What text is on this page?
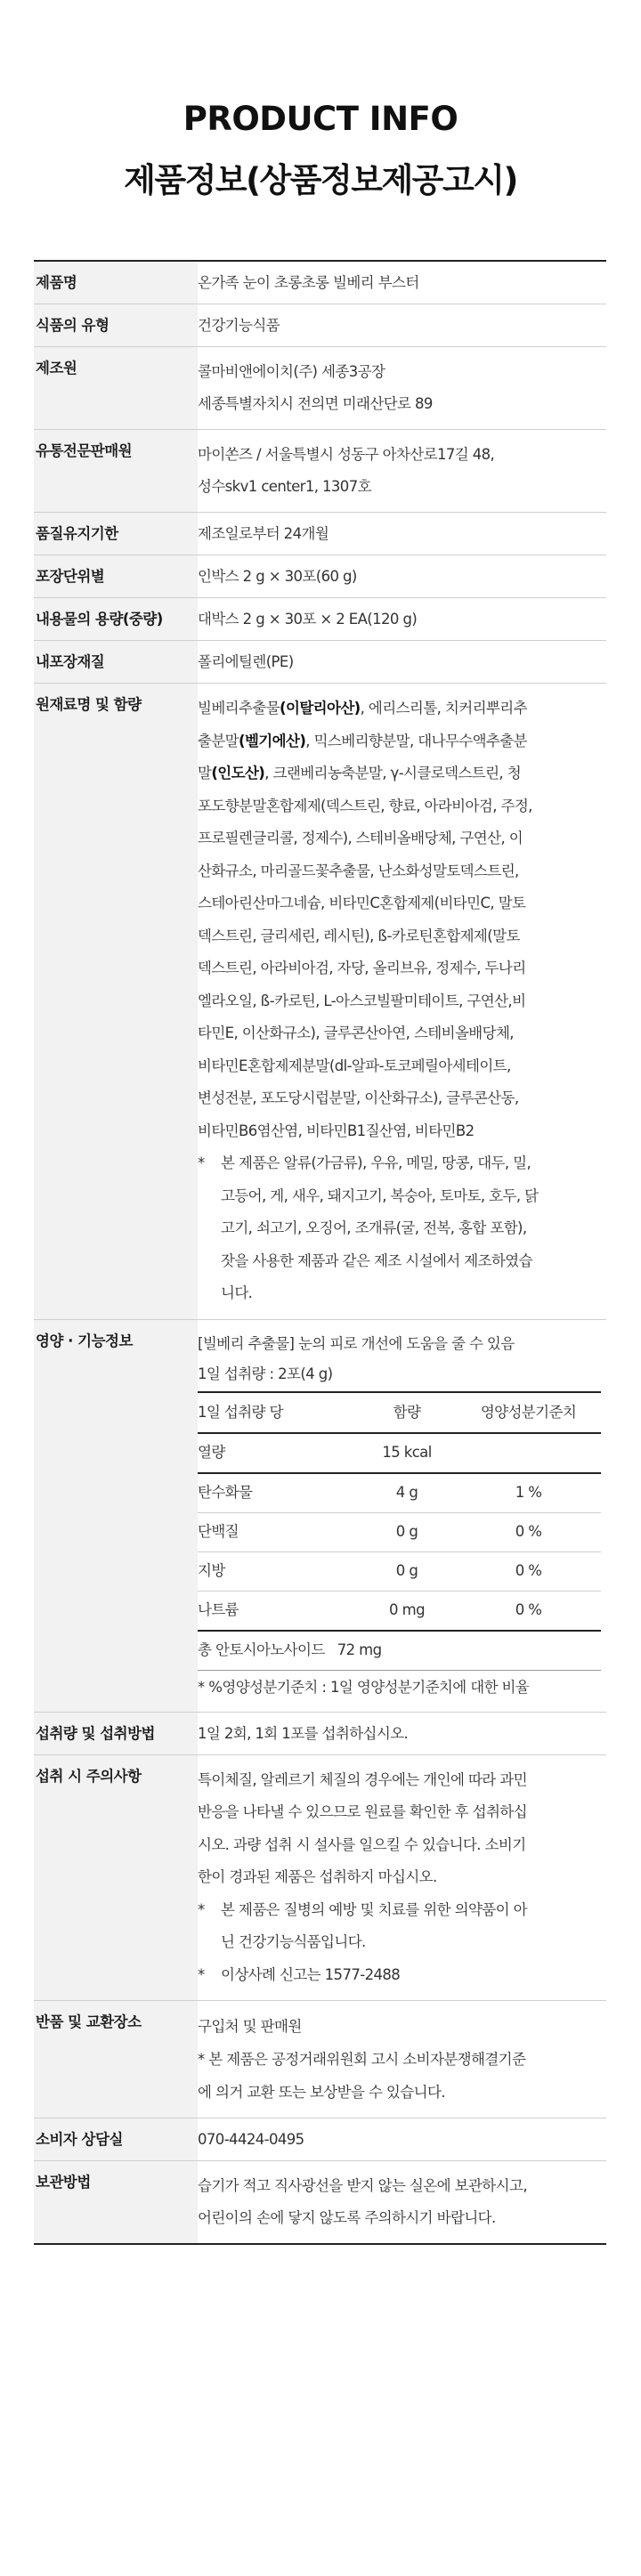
PRODUCT INFO
제품정보(상품정보제공고시)
제품명	온가족 눈이 초롱초롱 빌베리 부스터
식품의 유형	건강기능식품
제조원	콜마비앤에이치(주) 세종3공장
세종특별자치시 전의면 미래산단로 89
유통전문판매원	마이쏜즈 / 서울특별시 성동구 아차산로17길 48,
성수skv1 center1, 1307호
품질유지기한	제조일로부터 24개월
포장단위별	인박스 2 g × 30포(60 g)
내용물의 용량(중량)	대박스 2 g × 30포 × 2 EA(120 g)
내포장재질	폴리에틸렌(PE)
원재료명 및 함량	빌베리추출물(이탈리아산), 에리스리톨, 치커리뿌리추
출분말(벨기에산), 믹스베리향분말, 대나무수액추출분
말(인도산), 크랜베리농축분말, γ-시클로덱스트린, 청
포도향분말혼합제제(덱스트린, 향료, 아라비아검, 주정,
프로필렌글리콜, 정제수), 스테비올배당체, 구연산, 이
산화규소, 마리골드꽃추출물, 난소화성말토덱스트린,
스테아린산마그네슘, 비타민C혼합제제(비타민C, 말토
덱스트린, 글리세린, 레시틴), ß-카로틴혼합제제(말토
덱스트린, 아라비아검, 자당, 올리브유, 정제수, 두나리
엘라오일, ß-카로틴, L-아스코빌팔미테이트, 구연산,비
타민E, 이산화규소), 글루콘산아연, 스테비올배당체,
비타민E혼합제제분말(dl-알파-토코페릴아세테이트,
변성전분, 포도당시럽분말, 이산화규소), 글루콘산동,
비타민B6염산염, 비타민B1질산염, 비타민B2
*	본 제품은 알류(가금류), 우유, 메밀, 땅콩, 대두, 밀,
고등어, 게, 새우, 돼지고기, 복숭아, 토마토, 호두, 닭
고기, 쇠고기, 오징어, 조개류(굴, 전복, 홍합 포함),
잣을 사용한 제품과 같은 제조 시설에서 제조하였습
니다.
영양 · 기능정보	[빌베리 추출물] 눈의 피로 개선에 도움을 줄 수 있음
1일 섭취량 : 2포(4 g)
1일 섭취량 당	함량	영양성분기준치
열량	15 kcal
탄수화물	4 g	1 %
단백질	0 g	0 %
지방	0 g	0 %
나트륨	0 mg	0 %
총 안토시아노사이드 72 mg
* %영양성분기준치 : 1일 영양성분기준치에 대한 비율
섭취량 및 섭취방법	1일 2회, 1회 1포를 섭취하십시오.
섭취 시 주의사항	특이체질, 알레르기 체질의 경우에는 개인에 따라 과민
반응을 나타낼 수 있으므로 원료를 확인한 후 섭취하십
시오. 과량 섭취 시 설사를 일으킬 수 있습니다. 소비기
한이 경과된 제품은 섭취하지 마십시오.
*	본 제품은 질병의 예방 및 치료를 위한 의약품이 아
닌 건강기능식품입니다.
*	이상사례 신고는 1577-2488
반품 및 교환장소	구입처 및 판매원
* 본 제품은 공정거래위원회 고시 소비자분쟁해결기준
에 의거 교환 또는 보상받을 수 있습니다.
소비자 상담실	070-4424-0495
보관방법	습기가 적고 직사광선을 받지 않는 실온에 보관하시고,
어린이의 손에 닿지 않도록 주의하시기 바랍니다.
